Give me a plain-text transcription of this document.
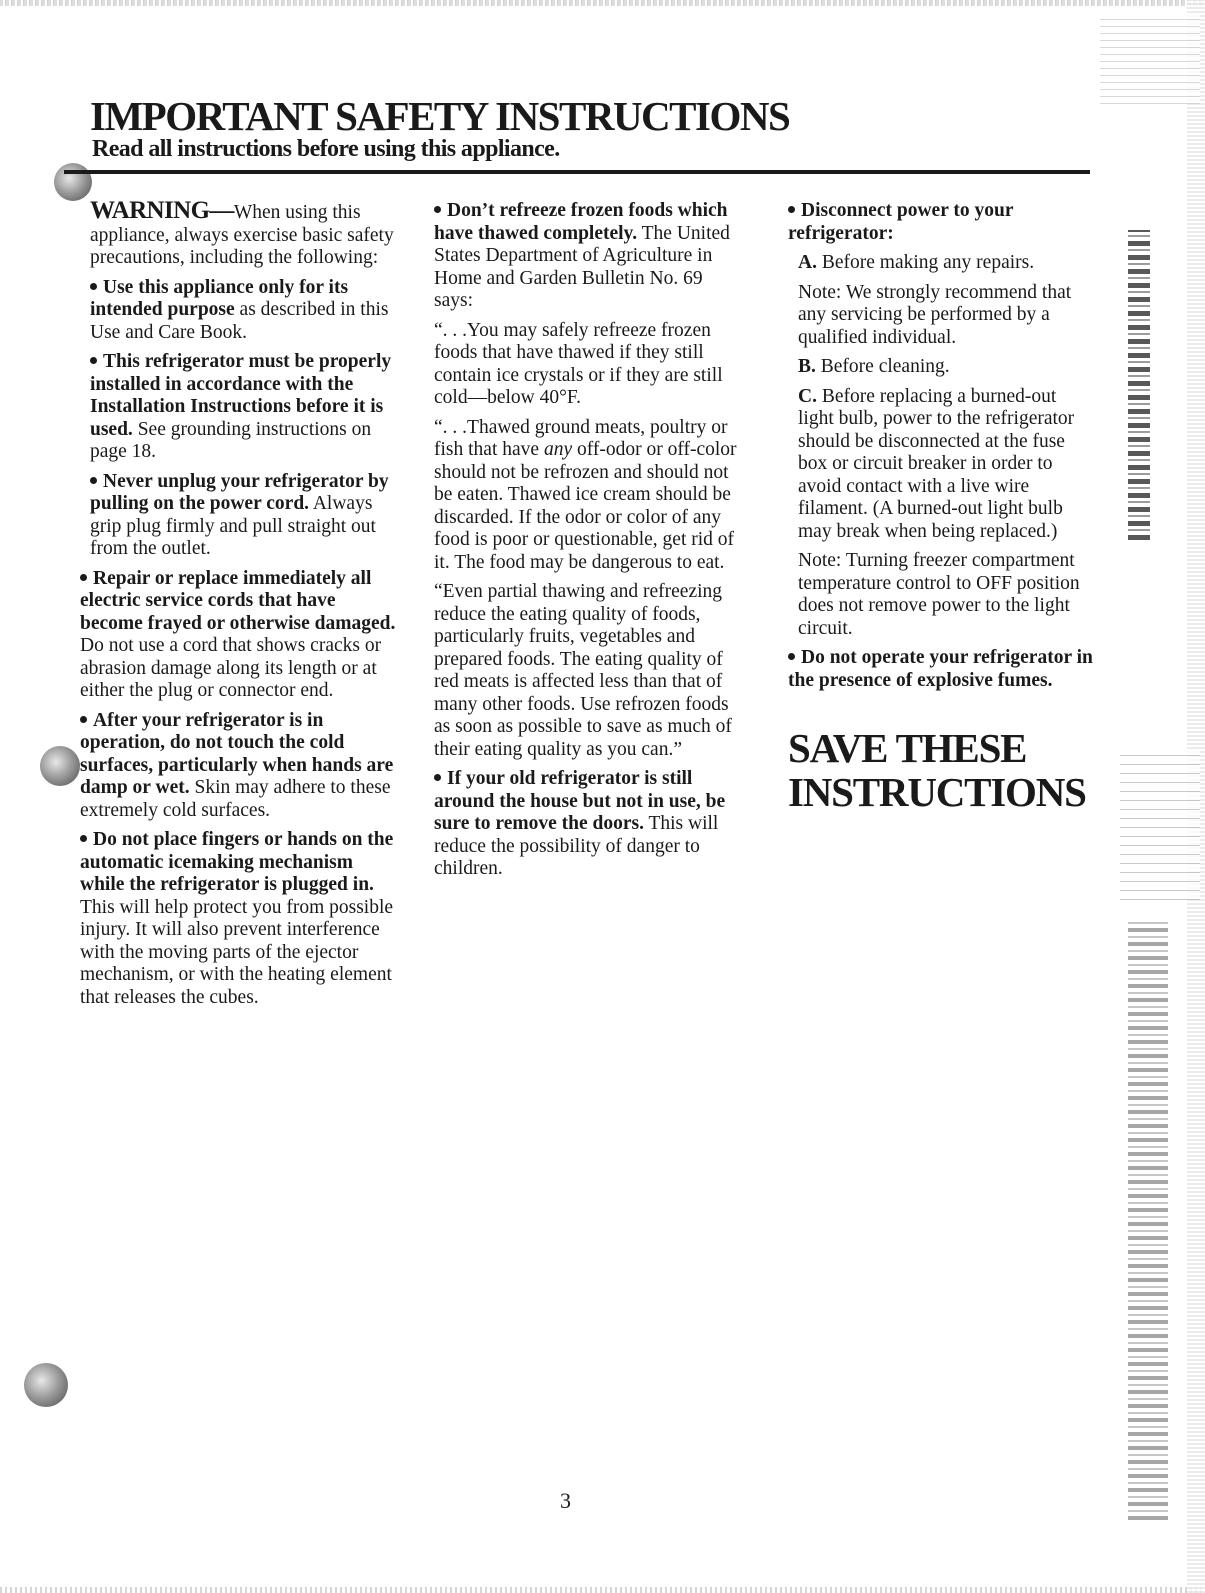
IMPORTANT SAFETY INSTRUCTIONS
Read all instructions before using this appliance.

WARNING—When using this appliance, always exercise basic safety precautions, including the following:

Use this appliance only for its intended purpose as described in this Use and Care Book.

This refrigerator must be properly installed in accordance with the Installation Instructions before it is used. See grounding instructions on page 18.

Never unplug your refrigerator by pulling on the power cord. Always grip plug firmly and pull straight out from the outlet.

Repair or replace immediately all electric service cords that have become frayed or otherwise damaged. Do not use a cord that shows cracks or abrasion damage along its length or at either the plug or connector end.

After your refrigerator is in operation, do not touch the cold surfaces, particularly when hands are damp or wet. Skin may adhere to these extremely cold surfaces.

Do not place fingers or hands on the automatic icemaking mechanism while the refrigerator is plugged in. This will help protect you from possible injury. It will also prevent interference with the moving parts of the ejector mechanism, or with the heating element that releases the cubes.

Don’t refreeze frozen foods which have thawed completely. The United States Department of Agriculture in Home and Garden Bulletin No. 69 says:

“. . .You may safely refreeze frozen foods that have thawed if they still contain ice crystals or if they are still cold—below 40°F.

“. . .Thawed ground meats, poultry or fish that have any off-odor or off-color should not be refrozen and should not be eaten. Thawed ice cream should be discarded. If the odor or color of any food is poor or questionable, get rid of it. The food may be dangerous to eat.

“Even partial thawing and refreezing reduce the eating quality of foods, particularly fruits, vegetables and prepared foods. The eating quality of red meats is affected less than that of many other foods. Use refrozen foods as soon as possible to save as much of their eating quality as you can.”

If your old refrigerator is still around the house but not in use, be sure to remove the doors. This will reduce the possibility of danger to children.

Disconnect power to your refrigerator:

A. Before making any repairs.

Note: We strongly recommend that any servicing be performed by a qualified individual.

B. Before cleaning.

C. Before replacing a burned-out light bulb, power to the refrigerator should be disconnected at the fuse box or circuit breaker in order to avoid contact with a live wire filament. (A burned-out light bulb may break when being replaced.)

Note: Turning freezer compartment temperature control to OFF position does not remove power to the light circuit.

Do not operate your refrigerator in the presence of explosive fumes.

SAVE THESE
INSTRUCTIONS
3
